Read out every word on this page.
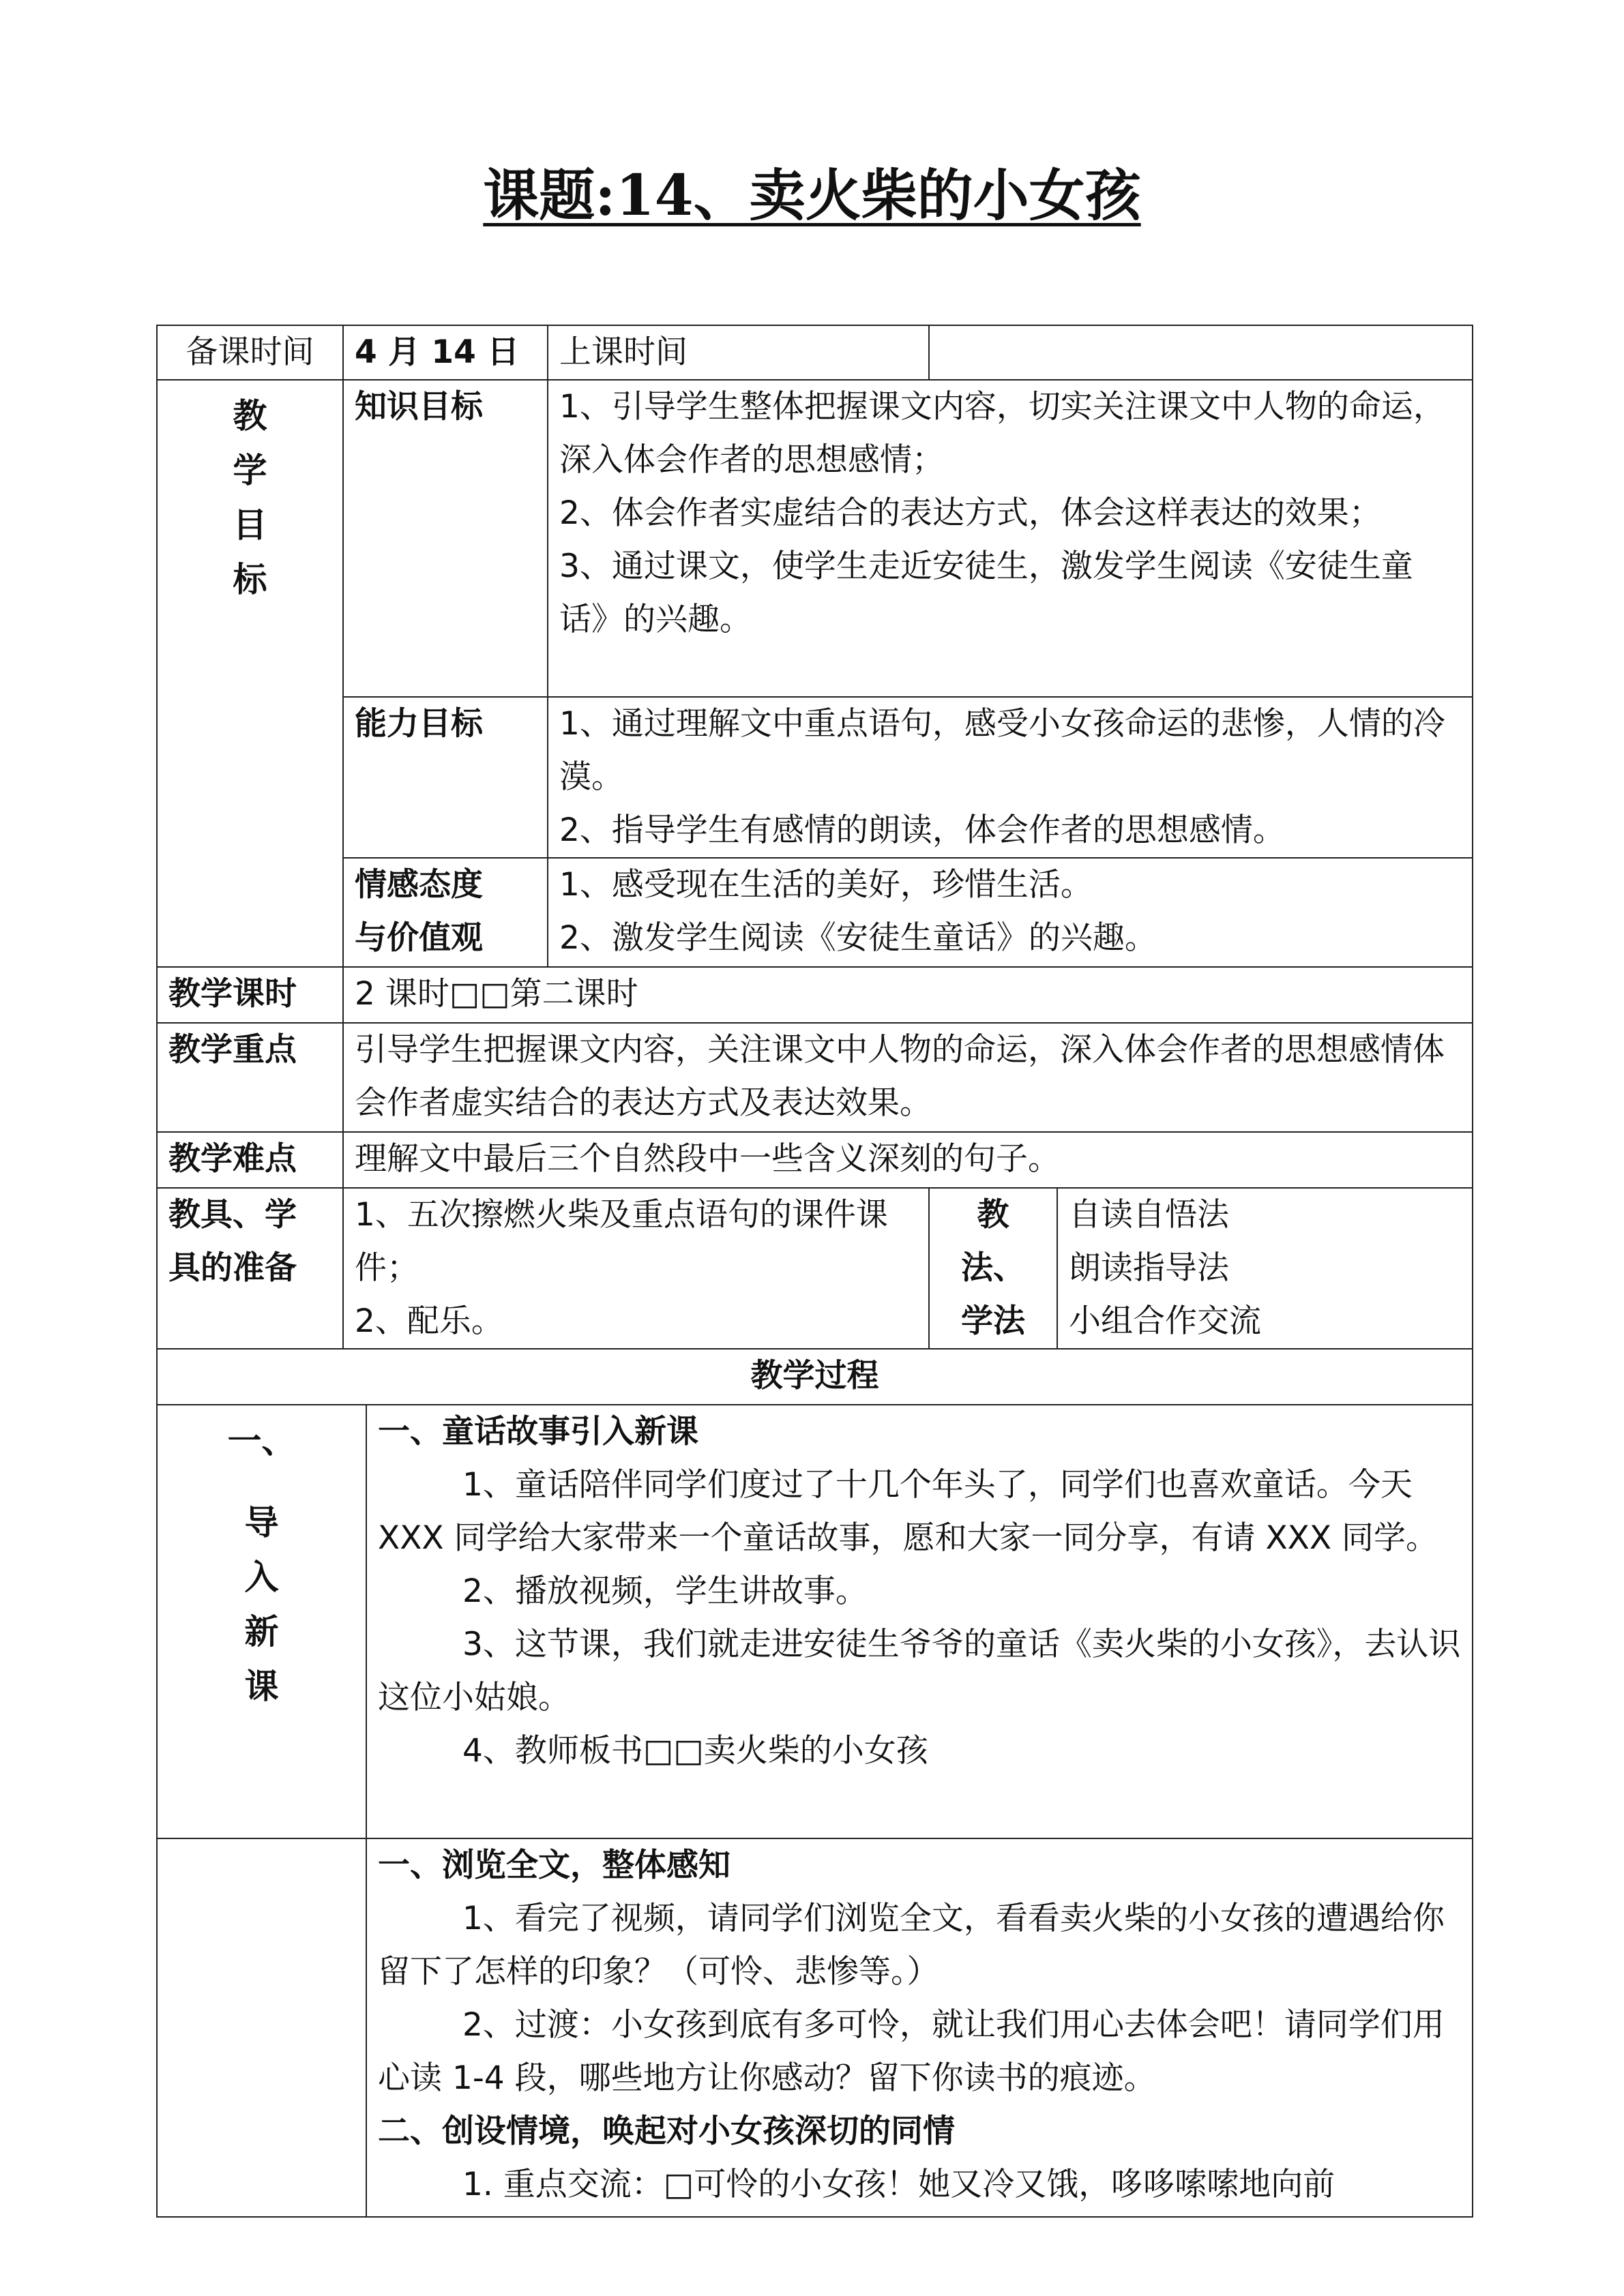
课题:14、卖火柴的小女孩
备课时间	4 月 14 日		上课时间		

教
学
目
标	知识目标		1、引导学生整体把握课文内容，切实关注课文中人物的命运，深入体会作者的思想感情；
2、体会作者实虚结合的表达方式，体会这样表达的效果；
3、通过课文，使学生走近安徒生，激发学生阅读《安徒生童话》的兴趣。		

	能力目标		1、通过理解文中重点语句，感受小女孩命运的悲惨，人情的冷漠。
2、指导学生有感情的朗读，体会作者的思想感情。		

	情感态度
与价值观		1、感受现在生活的美好，珍惜生活。
2、激发学生阅读《安徒生童话》的兴趣。		

教学课时	2 课时□□第二课时				
教学重点	引导学生把握课文内容，关注课文中人物的命运，深入体会作者的思想感情体会作者虚实结合的表达方式及表达效果。				
教学难点	理解文中最后三个自然段中一些含义深刻的句子。				

教具、学
具的准备	1、五次擦燃火柴及重点语句的课件课件；
2、配乐。			教
法、
学法	自读自悟法
朗读指导法
小组合作交流

教学过程					

一、
导
入
新
课		一、童话故事引入新课
1、童话陪伴同学们度过了十几个年头了，同学们也喜欢童话。今天 XXX 同学给大家带来一个童话故事，愿和大家一同分享，有请 XXX 同学。
2、播放视频，学生讲故事。
3、这节课，我们就走进安徒生爷爷的童话《卖火柴的小女孩》，去认识这位小姑娘。
4、教师板书□□卖火柴的小女孩			

		一、浏览全文，整体感知
1、看完了视频，请同学们浏览全文，看看卖火柴的小女孩的遭遇给你留下了怎样的印象？（可怜、悲惨等。）
2、过渡：小女孩到底有多可怜，就让我们用心去体会吧！请同学们用心读 1-4 段，哪些地方让你感动？留下你读书的痕迹。
二、创设情境，唤起对小女孩深切的同情
1. 重点交流：□可怜的小女孩！她又冷又饿，哆哆嗦嗦地向前			
